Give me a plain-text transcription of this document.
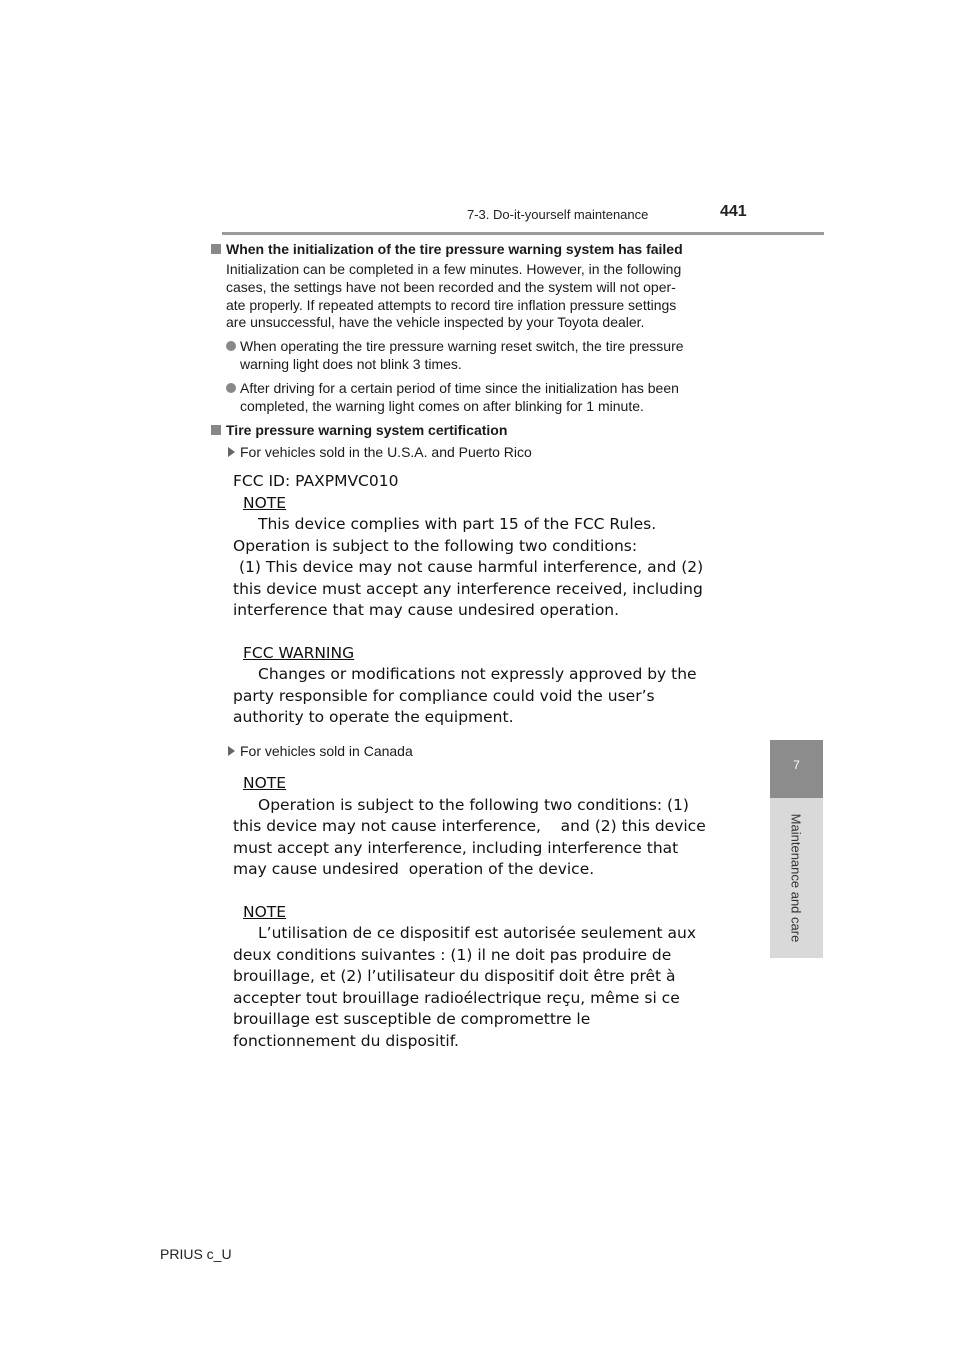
7-3. Do-it-yourself maintenance	441
7
Maintenance and care
When the initialization of the tire pressure warning system has failed
Initialization can be completed in a few minutes. However, in the following
cases, the settings have not been recorded and the system will not oper-
ate properly. If repeated attempts to record tire inflation pressure settings
are unsuccessful, have the vehicle inspected by your Toyota dealer.
When operating the tire pressure warning reset switch, the tire pressure
warning light does not blink 3 times.
After driving for a certain period of time since the initialization has been
completed, the warning light comes on after blinking for 1 minute.
Tire pressure warning system certification
For vehicles sold in the U.S.A. and Puerto Rico
FCC ID: PAXPMVC010
NOTE
This device complies with part 15 of the FCC Rules.
Operation is subject to the following two conditions:
(1) This device may not cause harmful interference, and (2)
this device must accept any interference received, including
interference that may cause undesired operation.
FCC WARNING
Changes or modifications not expressly approved by the
party responsible for compliance could void the user’s
authority to operate the equipment.
For vehicles sold in Canada
NOTE
Operation is subject to the following two conditions: (1)
this device may not cause interference,    and (2) this device
must accept any interference, including interference that
may cause undesired  operation of the device.
NOTE
L’utilisation de ce dispositif est autorisée seulement aux
deux conditions suivantes : (1) il ne doit pas produire de
brouillage, et (2) l’utilisateur du dispositif doit être prêt à
accepter tout brouillage radioélectrique reçu, même si ce
brouillage est susceptible de compromettre le
fonctionnement du dispositif.
PRIUS c_U
